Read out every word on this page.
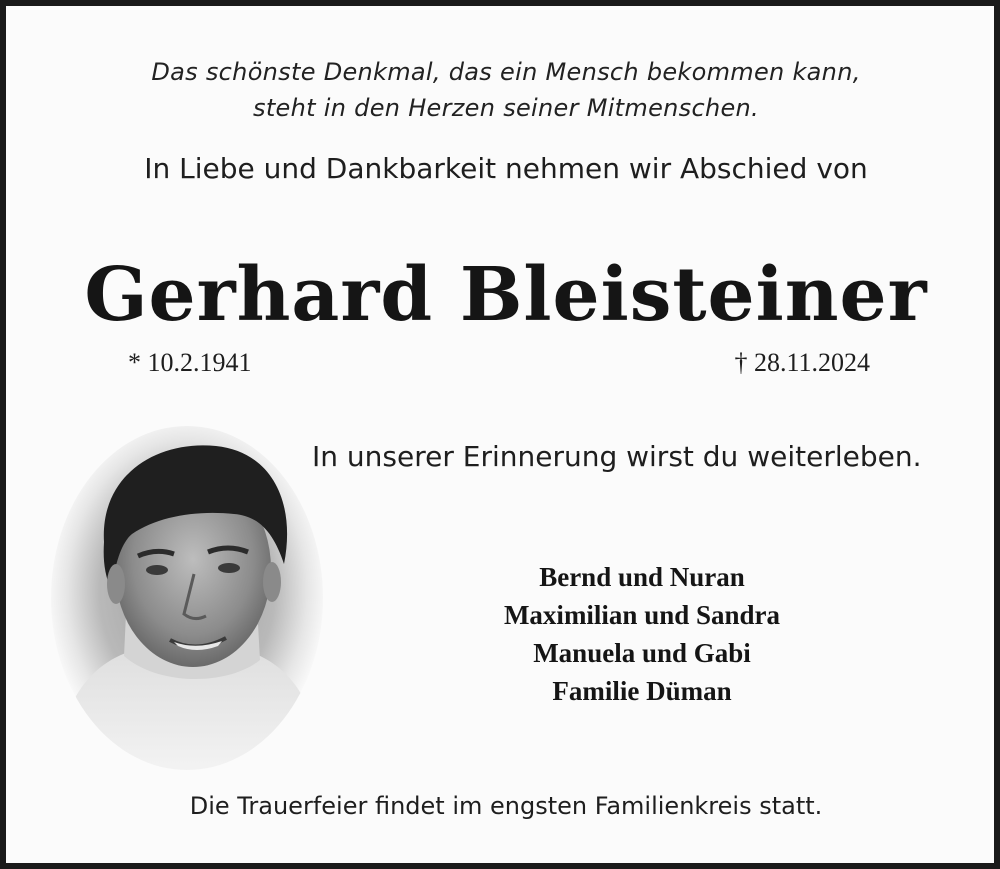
Das schönste Denkmal, das ein Mensch bekommen kann,
steht in den Herzen seiner Mitmenschen.
In Liebe und Dankbarkeit nehmen wir Abschied von
Gerhard Bleisteiner
* 10.2.1941	† 28.11.2024
In unserer Erinnerung wirst du weiterleben.
Bernd und Nuran
Maximilian und Sandra
Manuela und Gabi
Familie Düman
Die Trauerfeier findet im engsten Familienkreis statt.
